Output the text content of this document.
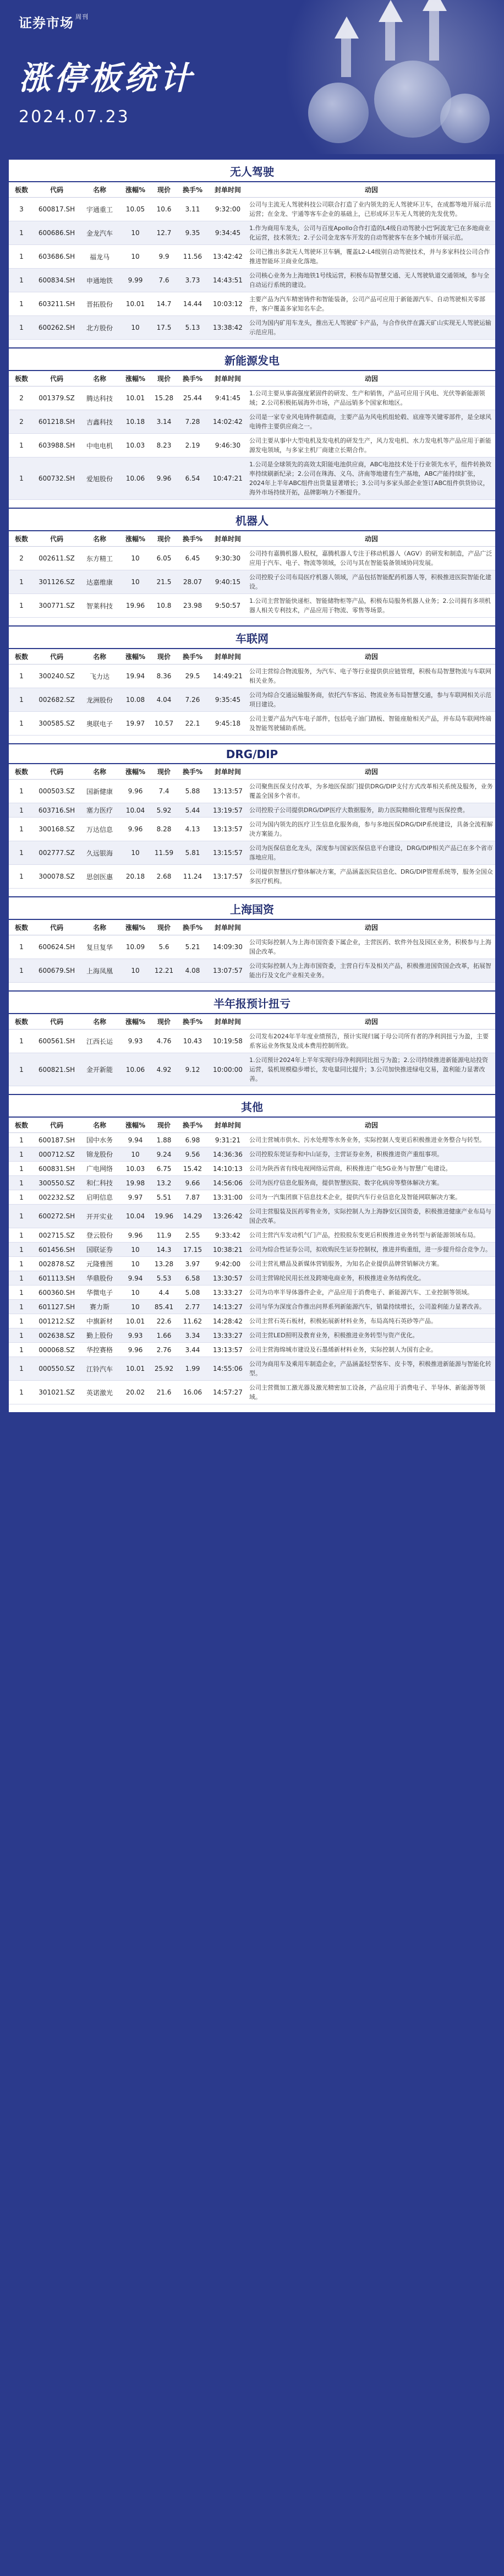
证券市场 $^{周刊}$
涨停板统计
2024.07.23
无人驾驶
板数	代码	名称	涨幅%	现价	换手%	封单时间	动因
3	600817.SH	宇通重工	10.05	10.6	3.11	9:32:00	公司与主流无人驾驶科技公司联合打造了业内领先的无人驾驶环卫车，在成都等地开展示范运营；在金龙、宇通等客车企业的基础上，已形成环卫车无人驾驶的先发优势。
1	600686.SH	金龙汽车	10	12.7	9.35	9:34:45	1.作为商用车龙头，公司与百度Apollo合作打造的L4级自动驾驶小巴'阿波龙'已在多地商业化运营，技术领先；2.子公司金龙客车开发的自动驾驶客车在多个城市开展示范。
1	603686.SH	福龙马	10	9.9	11.56	13:42:42	公司已推出多款无人驾驶环卫车辆，覆盖L2-L4级别自动驾驶技术，并与多家科技公司合作推进智能环卫商业化落地。
1	600834.SH	申通地铁	9.99	7.6	3.73	14:43:51	公司核心业务为上海地铁1号线运营，积极布局智慧交通、无人驾驶轨道交通领域，参与全自动运行系统的建设。
1	603211.SH	晋拓股份	10.01	14.7	14.44	10:03:12	主要产品为汽车精密铸件和智能装备，公司产品可应用于新能源汽车、自动驾驶相关零部件，客户覆盖多家知名车企。
1	600262.SH	北方股份	10	17.5	5.13	13:38:42	公司为国内矿用车龙头，推出无人驾驶矿卡产品，与合作伙伴在露天矿山实现无人驾驶运输示范应用。
新能源发电
板数	代码	名称	涨幅%	现价	换手%	封单时间	动因
2	001379.SZ	腾达科技	10.01	15.28	25.44	9:41:45	1.公司主要从事高强度紧固件的研发、生产和销售，产品可应用于风电、光伏等新能源领域；2.公司积极拓展海外市场，产品远销多个国家和地区。
2	601218.SH	吉鑫科技	10.18	3.14	7.28	14:02:42	公司是一家专业风电铸件制造商，主要产品为风电机组轮毂、底座等关键零部件，是全球风电铸件主要供应商之一。
1	603988.SH	中电电机	10.03	8.23	2.19	9:46:30	公司主要从事中大型电机及发电机的研发生产，风力发电机、水力发电机等产品应用于新能源发电领域，与多家主机厂商建立长期合作。
1	600732.SH	爱旭股份	10.06	9.96	6.54	10:47:21	1.公司是全球领先的高效太阳能电池供应商，ABC电池技术处于行业领先水平，组件转换效率持续刷新纪录；2.公司在珠海、义乌、济南等地建有生产基地，ABC产能持续扩张，2024年上半年ABC组件出货量显著增长；3.公司与多家头部企业签订ABC组件供货协议，海外市场持续开拓，品牌影响力不断提升。
机器人
板数	代码	名称	涨幅%	现价	换手%	封单时间	动因
2	002611.SZ	东方精工	10	6.05	6.45	9:30:30	公司持有嘉腾机器人股权，嘉腾机器人专注于移动机器人（AGV）的研发和制造，产品广泛应用于汽车、电子、物流等领域，公司与其在智能装备领域协同发展。
1	301126.SZ	达嘉维康	10	21.5	28.07	9:40:15	公司控股子公司布局医疗机器人领域，产品包括智能配药机器人等，积极推进医院智能化建设。
1	300771.SZ	智莱科技	19.96	10.8	23.98	9:50:57	1.公司主营智能快递柜、智能储物柜等产品，积极布局服务机器人业务；2.公司拥有多项机器人相关专利技术，产品应用于物流、零售等场景。
车联网
板数	代码	名称	涨幅%	现价	换手%	封单时间	动因
1	300240.SZ	飞力达	19.94	8.36	29.5	14:49:21	公司主营综合物流服务，为汽车、电子等行业提供供应链管理，积极布局智慧物流与车联网相关业务。
1	002682.SZ	龙洲股份	10.08	4.04	7.26	9:35:45	公司为综合交通运输服务商，依托汽车客运、物流业务布局智慧交通，参与车联网相关示范项目建设。
1	300585.SZ	奥联电子	19.97	10.57	22.1	9:45:18	公司主要产品为汽车电子部件，包括电子油门踏板、智能座舱相关产品，并布局车联网终端及智能驾驶辅助系统。
DRG/DIP
板数	代码	名称	涨幅%	现价	换手%	封单时间	动因
1	000503.SZ	国新健康	9.96	7.4	5.88	13:13:57	公司聚焦医保支付改革，为多地医保部门提供DRG/DIP支付方式改革相关系统及服务，业务覆盖全国多个省市。
1	603716.SH	塞力医疗	10.04	5.92	5.44	13:19:57	公司控股子公司提供DRG/DIP医疗大数据服务，助力医院精细化管理与医保控费。
1	300168.SZ	万达信息	9.96	8.28	4.13	13:13:57	公司为国内领先的医疗卫生信息化服务商，参与多地医保DRG/DIP系统建设，具备全流程解决方案能力。
1	002777.SZ	久远银海	10	11.59	5.81	13:15:57	公司为医保信息化龙头，深度参与国家医保信息平台建设，DRG/DIP相关产品已在多个省市落地应用。
1	300078.SZ	思创医惠	20.18	2.68	11.24	13:17:57	公司提供智慧医疗整体解决方案，产品涵盖医院信息化、DRG/DIP管理系统等，服务全国众多医疗机构。
上海国资
板数	代码	名称	涨幅%	现价	换手%	封单时间	动因
1	600624.SH	复旦复华	10.09	5.6	5.21	14:09:30	公司实际控制人为上海市国资委下属企业，主营医药、软件外包及园区业务，积极参与上海国企改革。
1	600679.SH	上海凤凰	10	12.21	4.08	13:07:57	公司实际控制人为上海市国资委，主营自行车及相关产品，积极推进国资国企改革，拓展智能出行及文化产业相关业务。
半年报预计扭亏
板数	代码	名称	涨幅%	现价	换手%	封单时间	动因
1	600561.SH	江西长运	9.93	4.76	10.43	10:19:58	公司发布2024年半年度业绩预告，预计实现归属于母公司所有者的净利润扭亏为盈，主要系客运业务恢复及成本费用控制所致。
1	600821.SH	金开新能	10.06	4.92	9.12	10:00:00	1.公司预计2024年上半年实现归母净利润同比扭亏为盈；2.公司持续推进新能源电站投资运营，装机规模稳步增长，发电量同比提升；3.公司加快推进绿电交易，盈利能力显著改善。
其他
板数	代码	名称	涨幅%	现价	换手%	封单时间	动因
1	600187.SH	国中水务	9.94	1.88	6.98	9:31:21	公司主营城市供水、污水处理等水务业务，实际控制人变更后积极推进业务整合与转型。
1	000712.SZ	锦龙股份	10	9.24	9.56	14:36:36	公司控股东莞证券和中山证券，主营证券业务，积极推进资产重组事项。
1	600831.SH	广电网络	10.03	6.75	15.42	14:10:13	公司为陕西省有线电视网络运营商，积极推进广电5G业务与智慧广电建设。
1	300550.SZ	和仁科技	19.98	13.2	9.66	14:56:06	公司为医疗信息化服务商，提供智慧医院、数字化病房等整体解决方案。
1	002232.SZ	启明信息	9.97	5.51	7.87	13:31:00	公司为一汽集团旗下信息技术企业，提供汽车行业信息化及智能网联解决方案。
1	600272.SH	开开实业	10.04	19.96	14.29	13:26:42	公司主营服装及医药零售业务，实际控制人为上海静安区国资委，积极推进健康产业布局与国企改革。
1	002715.SZ	登云股份	9.96	11.9	2.55	9:33:42	公司主营汽车发动机气门产品，控股股东变更后积极推进业务转型与新能源领域布局。
1	601456.SH	国联证券	10	14.3	17.15	10:38:21	公司为综合性证券公司，拟收购民生证券控制权，推进并购重组，进一步提升综合竞争力。
1	002878.SZ	元隆雅图	10	13.28	3.97	9:42:00	公司主营礼赠品及新媒体营销服务，为知名企业提供品牌营销解决方案。
1	601113.SH	华鼎股份	9.94	5.53	6.58	13:30:57	公司主营锦纶民用长丝及跨境电商业务，积极推进业务结构优化。
1	600360.SH	华微电子	10	4.4	5.08	13:33:27	公司为功率半导体器件企业，产品应用于消费电子、新能源汽车、工业控制等领域。
1	601127.SH	赛力斯	10	85.41	2.77	14:13:27	公司与华为深度合作推出问界系列新能源汽车，销量持续增长，公司盈利能力显著改善。
1	001212.SZ	中旗新材	10.01	22.6	11.62	14:28:42	公司主营石英石板材，积极拓展新材料业务，布局高纯石英砂等产品。
1	002638.SZ	勤上股份	9.93	1.66	3.34	13:33:27	公司主营LED照明及教育业务，积极推进业务转型与资产优化。
1	000068.SZ	华控赛格	9.96	2.76	3.44	13:13:57	公司主营海绵城市建设及石墨烯新材料业务，实际控制人为国有企业。
1	000550.SZ	江铃汽车	10.01	25.92	1.99	14:55:06	公司为商用车及乘用车制造企业，产品涵盖轻型客车、皮卡等，积极推进新能源与智能化转型。
1	301021.SZ	英诺激光	20.02	21.6	16.06	14:57:27	公司主营微加工激光器及激光精密加工设备，产品应用于消费电子、半导体、新能源等领域。
